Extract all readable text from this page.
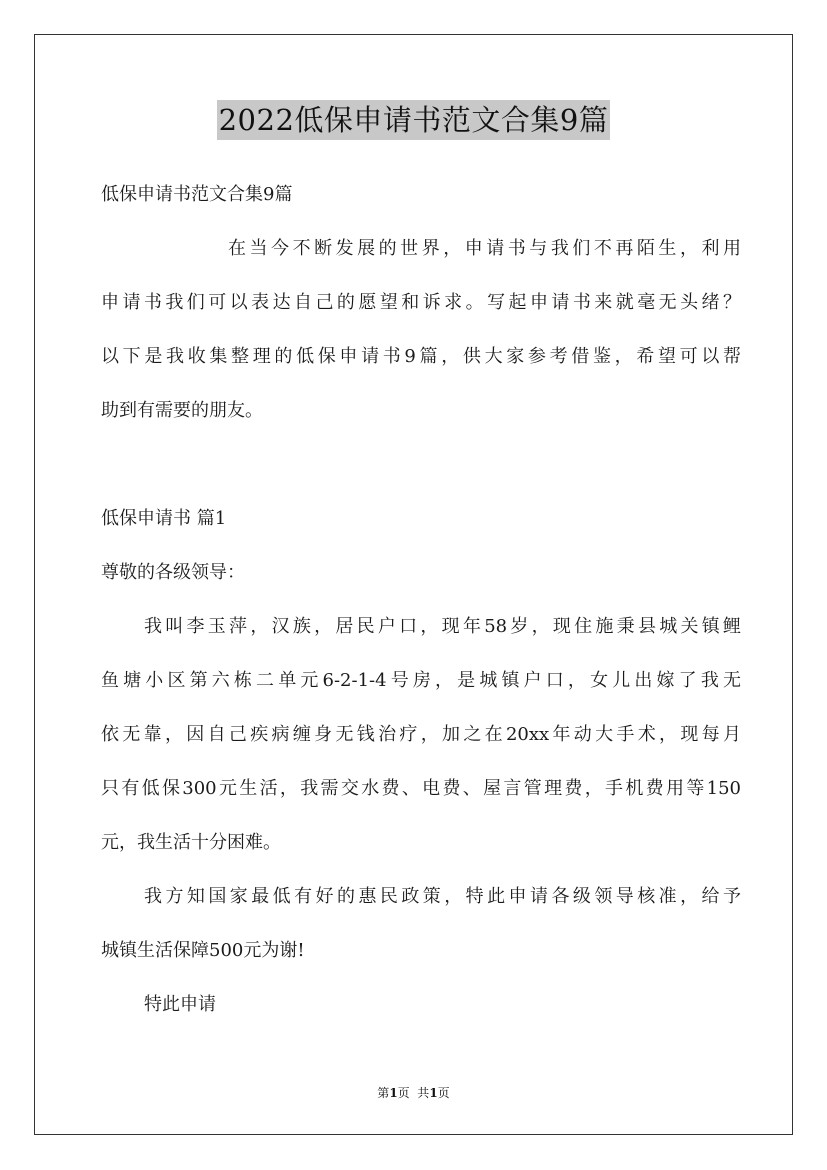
2022低保申请书范文合集9篇
低保申请书范文合集9篇
在当今不断发展的世界，申请书与我们不再陌生，利用
申请书我们可以表达自己的愿望和诉求。写起申请书来就毫无头绪？
以下是我收集整理的低保申请书9篇，供大家参考借鉴，希望可以帮
助到有需要的朋友。
低保申请书 篇1
尊敬的各级领导：
我叫李玉萍，汉族，居民户口，现年58岁，现住施秉县城关镇鲤
鱼塘小区第六栋二单元6-2-1-4号房，是城镇户口，女儿出嫁了我无
依无靠，因自己疾病缠身无钱治疗，加之在20xx年动大手术，现每月
只有低保300元生活，我需交水费、电费、屋言管理费，手机费用等150
元，我生活十分困难。
我方知国家最低有好的惠民政策，特此申请各级领导核准，给予
城镇生活保障500元为谢!
特此申请
第1页  共1页
